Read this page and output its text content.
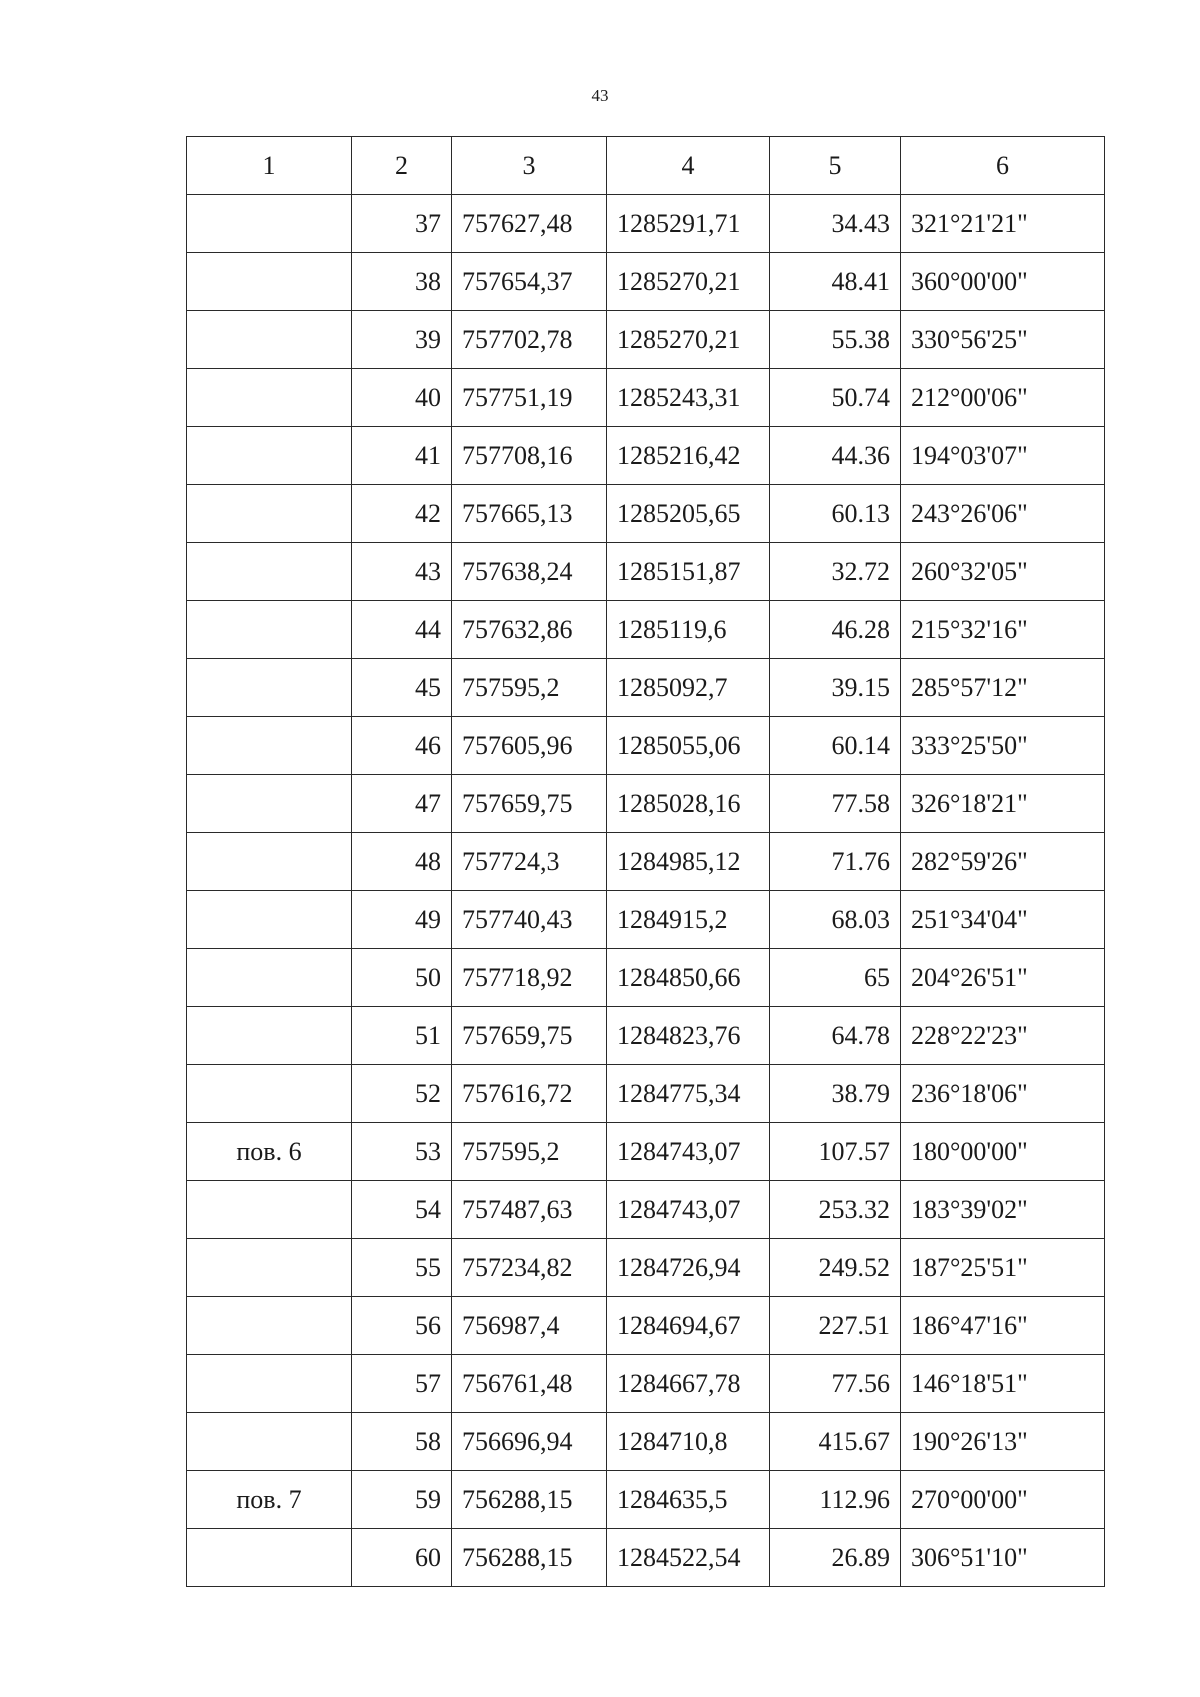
43
1	2	3	4	5	6
	37	757627,48	1285291,71	34.43	321°21'21"
	38	757654,37	1285270,21	48.41	360°00'00"
	39	757702,78	1285270,21	55.38	330°56'25"
	40	757751,19	1285243,31	50.74	212°00'06"
	41	757708,16	1285216,42	44.36	194°03'07"
	42	757665,13	1285205,65	60.13	243°26'06"
	43	757638,24	1285151,87	32.72	260°32'05"
	44	757632,86	1285119,6	46.28	215°32'16"
	45	757595,2	1285092,7	39.15	285°57'12"
	46	757605,96	1285055,06	60.14	333°25'50"
	47	757659,75	1285028,16	77.58	326°18'21"
	48	757724,3	1284985,12	71.76	282°59'26"
	49	757740,43	1284915,2	68.03	251°34'04"
	50	757718,92	1284850,66	65	204°26'51"
	51	757659,75	1284823,76	64.78	228°22'23"
	52	757616,72	1284775,34	38.79	236°18'06"
пов. 6	53	757595,2	1284743,07	107.57	180°00'00"
	54	757487,63	1284743,07	253.32	183°39'02"
	55	757234,82	1284726,94	249.52	187°25'51"
	56	756987,4	1284694,67	227.51	186°47'16"
	57	756761,48	1284667,78	77.56	146°18'51"
	58	756696,94	1284710,8	415.67	190°26'13"
пов. 7	59	756288,15	1284635,5	112.96	270°00'00"
	60	756288,15	1284522,54	26.89	306°51'10"
